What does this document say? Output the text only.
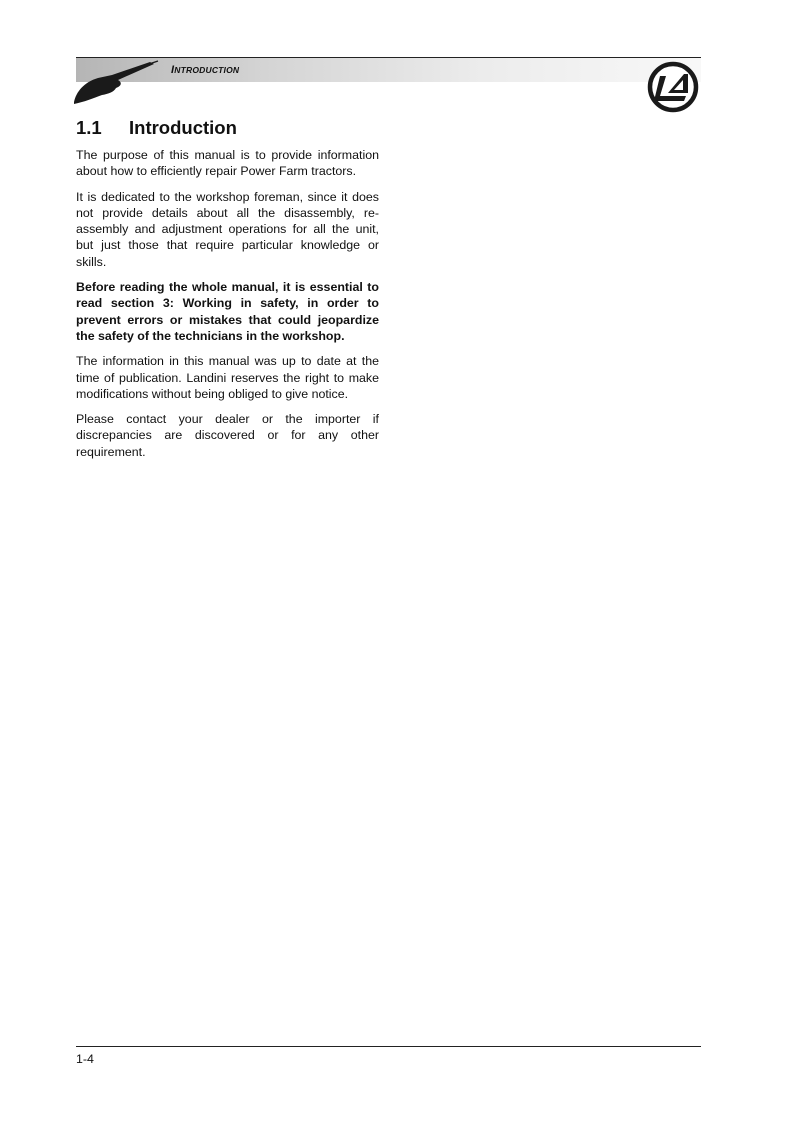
INTRODUCTION
1.1 Introduction

The purpose of this manual is to provide information about how to efficiently repair Power Farm tractors.

It is dedicated to the workshop foreman, since it does not provide details about all the disassembly, re-assembly and adjustment operations for all the unit, but just those that require particular knowledge or skills.

Before reading the whole manual, it is essential to read section 3: Working in safety, in order to prevent errors or mistakes that could jeopardize the safety of the technicians in the workshop.

The information in this manual was up to date at the time of publication. Landini reserves the right to make modifications without being obliged to give notice.

Please contact your dealer or the importer if discrepancies are discovered or for any other requirement.

1-4
